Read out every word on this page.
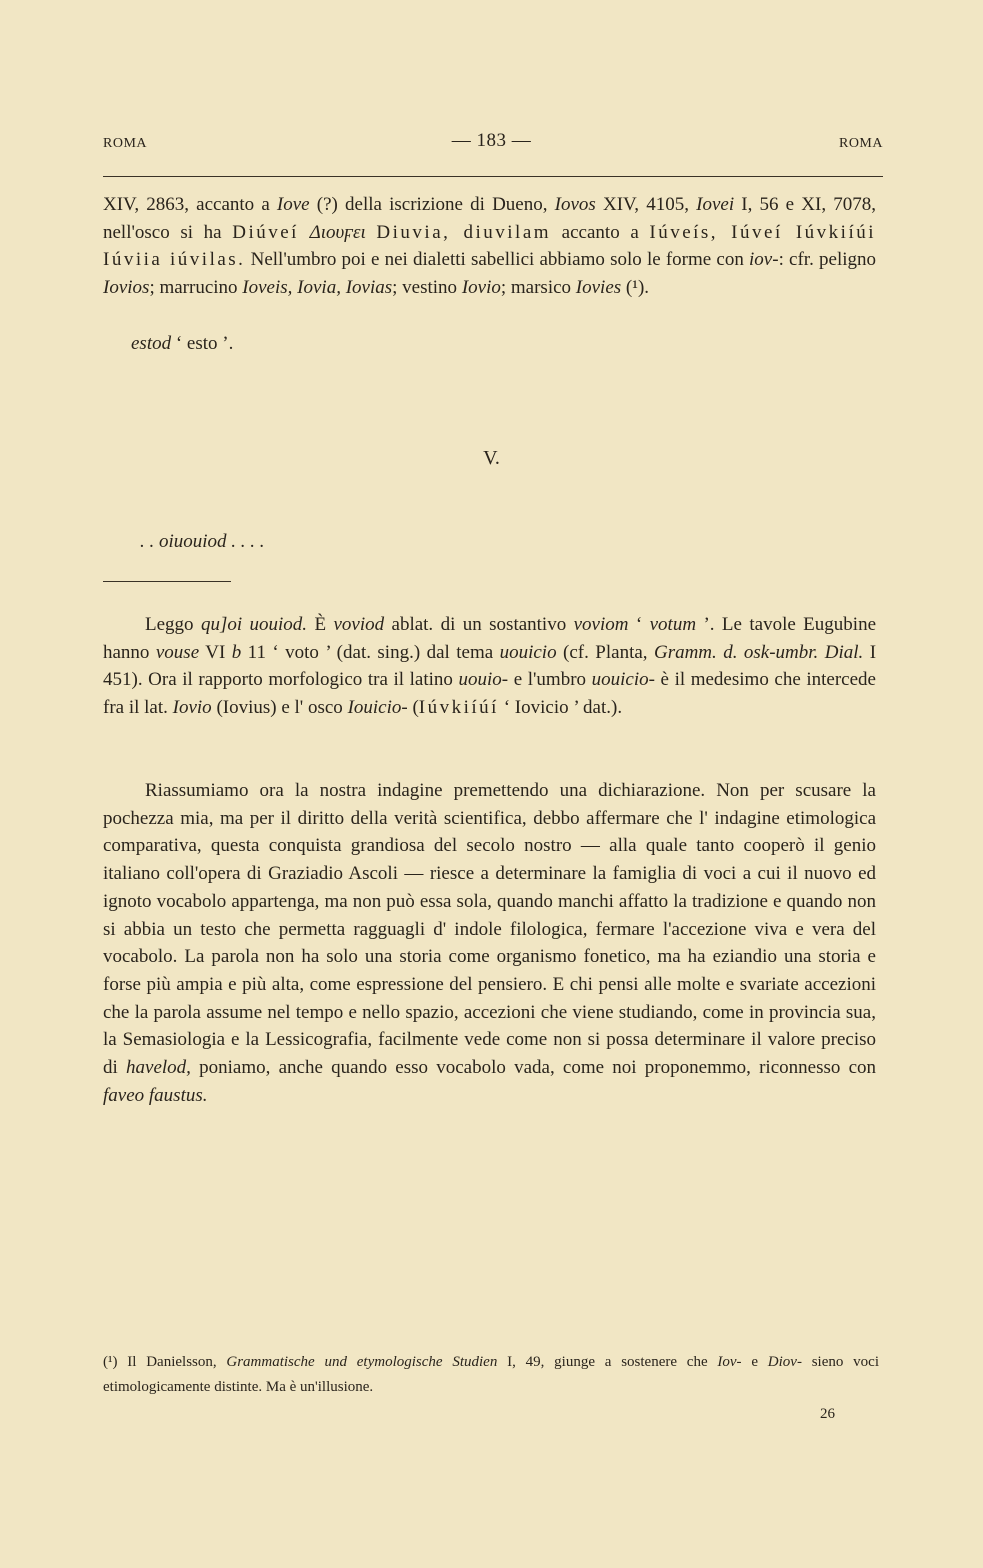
ROMA	— 183 —	ROMA

XIV, 2863, accanto a Iove (?) della iscrizione di Dueno, Iovos XIV, 4105, Iovei I, 56 e XI, 7078, nell'osco si ha Diúveí Διουϝει Diuvia, diuvilam accanto a Iúveís, Iúveí Iúvkiíúi Iúviia iúvilas. Nell'umbro poi e nei dialetti sabellici abbiamo solo le forme con iov-: cfr. peligno Iovios; marrucino Ioveis, Iovia, Iovias; vestino Iovio; marsico Iovies (¹).

estod ‘ esto ’.

V.
. . oiuouiod . . . .

Leggo qu]oi uouiod. È voviod ablat. di un sostantivo voviom ‘ votum ’. Le tavole Eugubine hanno vouse VI b 11 ‘ voto ’ (dat. sing.) dal tema uouicio (cf. Planta, Gramm. d. osk-umbr. Dial. I 451). Ora il rapporto morfologico tra il latino uouio- e l'umbro uouicio- è il medesimo che intercede fra il lat. Iovio (Iovius) e l' osco Iouicio- (Iúvkiíúí ‘ Iovicio ’ dat.).

Riassumiamo ora la nostra indagine premettendo una dichiarazione. Non per scusare la pochezza mia, ma per il diritto della verità scientifica, debbo affermare che l' indagine etimologica comparativa, questa conquista grandiosa del secolo nostro — alla quale tanto cooperò il genio italiano coll'opera di Graziadio Ascoli — riesce a determinare la famiglia di voci a cui il nuovo ed ignoto vocabolo appartenga, ma non può essa sola, quando manchi affatto la tradizione e quando non si abbia un testo che permetta ragguagli d' indole filologica, fermare l'accezione viva e vera del vocabolo. La parola non ha solo una storia come organismo fonetico, ma ha eziandio una storia e forse più ampia e più alta, come espressione del pensiero. E chi pensi alle molte e svariate accezioni che la parola assume nel tempo e nello spazio, accezioni che viene studiando, come in provincia sua, la Semasiologia e la Lessicografia, facilmente vede come non si possa determinare il valore preciso di havelod, poniamo, anche quando esso vocabolo vada, come noi proponemmo, riconnesso con faveo faustus.

(¹) Il Danielsson, Grammatische und etymologische Studien I, 49, giunge a sostenere che Iov- e Diov- sieno voci etimologicamente distinte. Ma è un'illusione.

26
